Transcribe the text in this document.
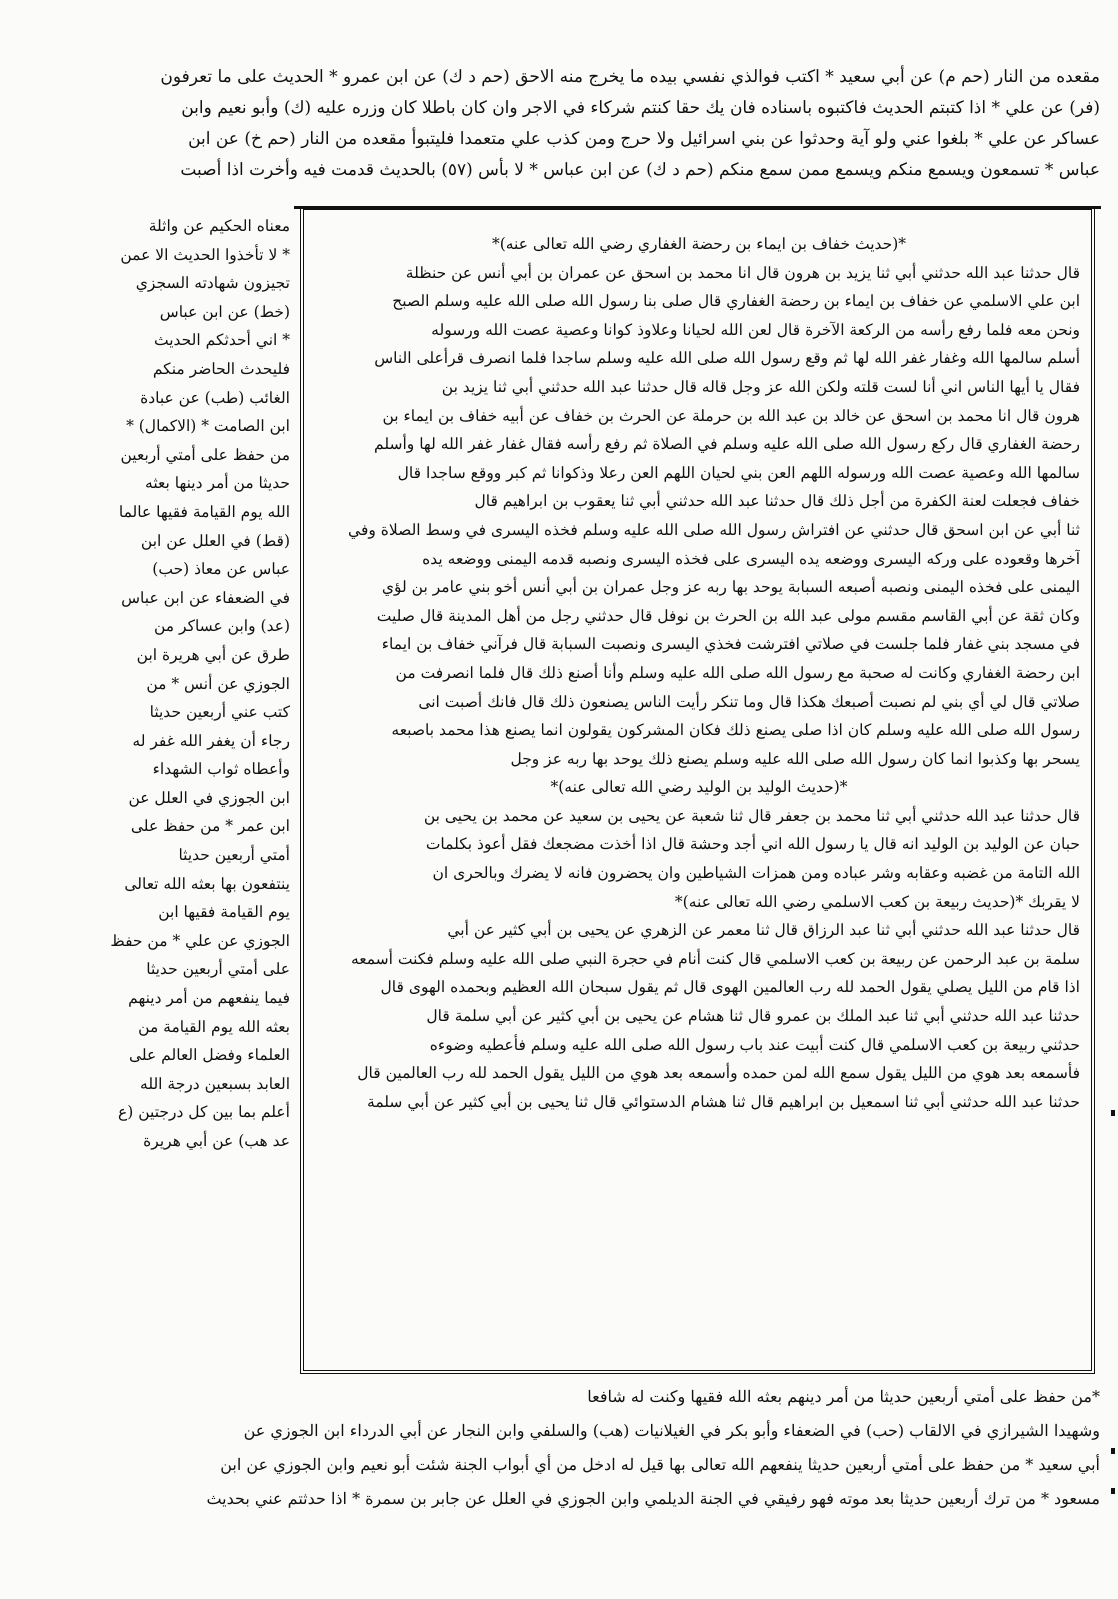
مقعده من النار (حم م) عن أبي سعيد * اكتب فوالذي نفسي بيده ما يخرج منه الاحق (حم د ك) عن ابن عمرو * الحديث على ما تعرفون
(فر) عن علي * اذا كتبتم الحديث فاكتبوه باسناده فان يك حقا كنتم شركاء في الاجر وان كان باطلا كان وزره عليه (ك) وأبو نعيم وابن
عساكر عن علي * بلغوا عني ولو آية وحدثوا عن بني اسرائيل ولا حرج ومن كذب علي متعمدا فليتبوأ مقعده من النار (حم خ) عن ابن
عباس * تسمعون ويسمع منكم ويسمع ممن سمع منكم (حم د ك) عن ابن عباس * لا بأس (٥٧) بالحديث قدمت فيه وأخرت اذا أصبت
*(حديث خفاف بن ايماء بن رحضة الغفاري رضي الله تعالى عنه)*
قال حدثنا عبد الله حدثني أبي ثنا يزيد بن هرون قال انا محمد بن اسحق عن عمران بن أبي أنس عن حنظلة
ابن علي الاسلمي عن خفاف بن ايماء بن رحضة الغفاري قال صلى بنا رسول الله صلى الله عليه وسلم الصبح
ونحن معه فلما رفع رأسه من الركعة الآخرة قال لعن الله لحيانا وعلاوذ كوانا وعصية عصت الله ورسوله
أسلم سالمها الله وغفار غفر الله لها ثم وقع رسول الله صلى الله عليه وسلم ساجدا فلما انصرف قرأعلى الناس
فقال يا أيها الناس اني أنا لست قلته ولكن الله عز وجل قاله قال حدثنا عبد الله حدثني أبي ثنا يزيد بن
هرون قال انا محمد بن اسحق عن خالد بن عبد الله بن حرملة عن الحرث بن خفاف عن أبيه خفاف بن ايماء بن
رحضة الغفاري قال ركع رسول الله صلى الله عليه وسلم في الصلاة ثم رفع رأسه فقال غفار غفر الله لها وأسلم
سالمها الله وعصية عصت الله ورسوله اللهم العن بني لحيان اللهم العن رعلا وذكوانا ثم كبر ووقع ساجدا قال
خفاف فجعلت لعنة الكفرة من أجل ذلك قال حدثنا عبد الله حدثني أبي ثنا يعقوب بن ابراهيم قال
ثنا أبي عن ابن اسحق قال حدثني عن افتراش رسول الله صلى الله عليه وسلم فخذه اليسرى في وسط الصلاة وفي
آخرها وقعوده على وركه اليسرى ووضعه يده اليسرى على فخذه اليسرى ونصبه قدمه اليمنى ووضعه يده
اليمنى على فخذه اليمنى ونصبه أصبعه السبابة يوحد بها ربه عز وجل عمران بن أبي أنس أخو بني عامر بن لؤي
وكان ثقة عن أبي القاسم مقسم مولى عبد الله بن الحرث بن نوفل قال حدثني رجل من أهل المدينة قال صليت
في مسجد بني غفار فلما جلست في صلاتي افترشت فخذي اليسرى ونصبت السبابة قال فرآني خفاف بن ايماء
ابن رحضة الغفاري وكانت له صحبة مع رسول الله صلى الله عليه وسلم وأنا أصنع ذلك قال فلما انصرفت من
صلاتي قال لي أي بني لم نصبت أصبعك هكذا قال وما تنكر رأيت الناس يصنعون ذلك قال فانك أصبت انى
رسول الله صلى الله عليه وسلم كان اذا صلى يصنع ذلك فكان المشركون يقولون انما يصنع هذا محمد باصبعه
يسحر بها وكذبوا انما كان رسول الله صلى الله عليه وسلم يصنع ذلك يوحد بها ربه عز وجل
*(حديث الوليد بن الوليد رضي الله تعالى عنه)*
قال حدثنا عبد الله حدثني أبي ثنا محمد بن جعفر قال ثنا شعبة عن يحيى بن سعيد عن محمد بن يحيى بن
حبان عن الوليد بن الوليد انه قال يا رسول الله اني أجد وحشة قال اذا أخذت مضجعك فقل أعوذ بكلمات
الله التامة من غضبه وعقابه وشر عباده ومن همزات الشياطين وان يحضرون فانه لا يضرك وبالحرى ان
لا يقربك *(حديث ربيعة بن كعب الاسلمي رضي الله تعالى عنه)*
قال حدثنا عبد الله حدثني أبي ثنا عبد الرزاق قال ثنا معمر عن الزهري عن يحيى بن أبي كثير عن أبي
سلمة بن عبد الرحمن عن ربيعة بن كعب الاسلمي قال كنت أنام في حجرة النبي صلى الله عليه وسلم فكنت أسمعه
اذا قام من الليل يصلي يقول الحمد لله رب العالمين الهوى قال ثم يقول سبحان الله العظيم وبحمده الهوى قال
حدثنا عبد الله حدثني أبي ثنا عبد الملك بن عمرو قال ثنا هشام عن يحيى بن أبي كثير عن أبي سلمة قال
حدثني ربيعة بن كعب الاسلمي قال كنت أبيت عند باب رسول الله صلى الله عليه وسلم فأعطيه وضوءه
فأسمعه بعد هوي من الليل يقول سمع الله لمن حمده وأسمعه بعد هوي من الليل يقول الحمد لله رب العالمين قال
حدثنا عبد الله حدثني أبي ثنا اسمعيل بن ابراهيم قال ثنا هشام الدستوائي قال ثنا يحيى بن أبي كثير عن أبي سلمة
معناه الحكيم عن واثلة
* لا تأخذوا الحديث الا عمن
تجيزون شهادته السجزي
(خط) عن ابن عباس
* اني أحدثكم الحديث
فليحدث الحاضر منكم
الغائب (طب) عن عبادة
ابن الصامت * (الاكمال) *
من حفظ على أمتي أربعين
حديثا من أمر دينها بعثه
الله يوم القيامة فقيها عالما
(قط) في العلل عن ابن
عباس عن معاذ (حب)
في الضعفاء عن ابن عباس
(عد) وابن عساكر من
طرق عن أبي هريرة ابن
الجوزي عن أنس * من
كتب عني أربعين حديثا
رجاء أن يغفر الله غفر له
وأعطاه ثواب الشهداء
ابن الجوزي في العلل عن
ابن عمر * من حفظ على
أمتي أربعين حديثا
ينتفعون بها بعثه الله تعالى
يوم القيامة فقيها ابن
الجوزي عن علي * من حفظ
على أمتي أربعين حديثا
فيما ينفعهم من أمر دينهم
بعثه الله يوم القيامة من
العلماء وفضل العالم على
العابد بسبعين درجة الله
أعلم بما بين كل درجتين (ع
عد هب) عن أبي هريرة
*من حفظ على أمتي أربعين حديثا من أمر دينهم بعثه الله فقيها وكنت له شافعا
وشهيدا الشيرازي في الالقاب (حب) في الضعفاء وأبو بكر في الغيلانيات (هب) والسلفي وابن النجار عن أبي الدرداء ابن الجوزي عن
أبي سعيد * من حفظ على أمتي أربعين حديثا ينفعهم الله تعالى بها قيل له ادخل من أي أبواب الجنة شئت أبو نعيم وابن الجوزي عن ابن
مسعود * من ترك أربعين حديثا بعد موته فهو رفيقي في الجنة الديلمي وابن الجوزي في العلل عن جابر بن سمرة * اذا حدثتم عني بحديث
